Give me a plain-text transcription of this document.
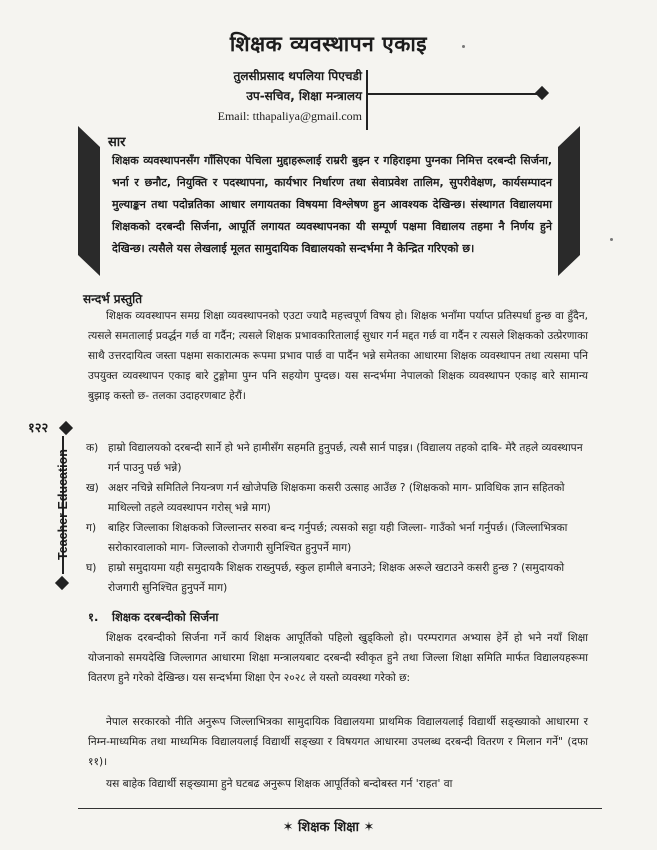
शिक्षक व्यवस्थापन एकाइ
तुलसीप्रसाद थपलिया पिएचडी
उप-सचिव, शिक्षा मन्त्रालय
Email: tthapaliya@gmail.com
सार
शिक्षक व्यवस्थापनसँग गाँसिएका पेचिला मुद्दाहरूलाई राम्ररी बुझ्न र गहिराइमा पुग्नका निमित्त दरबन्दी सिर्जना, भर्ना र छनौट, नियुक्ति र पदस्थापना, कार्यभार निर्धारण तथा सेवाप्रवेश तालिम, सुपरीवेक्षण, कार्यसम्पादन मुल्याङ्कन तथा पदोन्नतिका आधार लगायतका विषयमा विश्लेषण हुन आवश्यक देखिन्छ। संस्थागत विद्यालयमा शिक्षकको दरबन्दी सिर्जना, आपूर्ति लगायत व्यवस्थापनका यी सम्पूर्ण पक्षमा विद्यालय तहमा नै निर्णय हुने देखिन्छ। त्यसैले यस लेखलाई मूलत सामुदायिक विद्यालयको सन्दर्भमा नै केन्द्रित गरिएको छ।
सन्दर्भ प्रस्तुति

शिक्षक व्यवस्थापन समग्र शिक्षा व्यवस्थापनको एउटा ज्यादै महत्त्वपूर्ण विषय हो। शिक्षक भनाँमा पर्याप्त प्रतिस्पर्धा हुन्छ वा हुँदैन, त्यसले समतालाई प्रवर्द्धन गर्छ वा गर्दैन; त्यसले शिक्षक प्रभावकारितालाई सुधार गर्न मद्दत गर्छ वा गर्दैन र त्यसले शिक्षकको उत्प्रेरणाका साथै उत्तरदायित्व जस्ता पक्षमा सकारात्मक रूपमा प्रभाव पार्छ वा पार्दैन भन्ने समेतका आधारमा शिक्षक व्यवस्थापन तथा त्यसमा पनि उपयुक्त व्यवस्थापन एकाइ बारे टुङ्गोमा पुग्न पनि सहयोग पुग्दछ। यस सन्दर्भमा नेपालको शिक्षक व्यवस्थापन एकाइ बारे सामान्य बुझाइ कस्तो छ- तलका उदाहरणबाट हेरौं।

क) हाम्रो विद्यालयको दरबन्दी सार्ने हो भने हामीसँग सहमति हुनुपर्छ, त्यसै सार्न पाइन्न। (विद्यालय तहको दाबि- मेरै तहले व्यवस्थापन गर्न पाउनु पर्छ भन्ने)
ख) अक्षर नचिन्ने समितिले नियन्त्रण गर्न खोजेपछि शिक्षकमा कसरी उत्साह आउँछ ? (शिक्षकको माग- प्राविधिक ज्ञान सहितको माथिल्लो तहले व्यवस्थापन गरोस् भन्ने माग)
ग) बाहिर जिल्लाका शिक्षकको जिल्लान्तर सरुवा बन्द गर्नुपर्छ; त्यसको सट्टा यही जिल्ला- गाउँको भर्ना गर्नुपर्छ। (जिल्लाभित्रका सरोकारवालाको माग- जिल्लाको रोजगारी सुनिश्चित हुनुपर्ने माग)
घ) हाम्रो समुदायमा यही समुदायकै शिक्षक राख्नुपर्छ, स्कुल हामीले बनाउने; शिक्षक अरूले खटाउने कसरी हुन्छ ? (समुदायको रोजगारी सुनिश्चित हुनुपर्ने माग)
१. शिक्षक दरबन्दीको सिर्जना

शिक्षक दरबन्दीको सिर्जना गर्ने कार्य शिक्षक आपूर्तिको पहिलो खुड्किलो हो। परम्परागत अभ्यास हेर्ने हो भने नयाँ शिक्षा योजनाको समयदेखि जिल्लागत आधारमा शिक्षा मन्त्रालयबाट दरबन्दी स्वीकृत हुने तथा जिल्ला शिक्षा समिति मार्फत विद्यालयहरूमा वितरण हुने गरेको देखिन्छ। यस सन्दर्भमा शिक्षा ऐन २०२८ ले यस्तो व्यवस्था गरेको छ:

नेपाल सरकारको नीति अनुरूप जिल्लाभित्रका सामुदायिक विद्यालयमा प्राथमिक विद्यालयलाई विद्यार्थी सङ्ख्याको आधारमा र निम्न-माध्यमिक तथा माध्यमिक विद्यालयलाई विद्यार्थी सङ्ख्या र विषयगत आधारमा उपलब्ध दरबन्दी वितरण र मिलान गर्ने" (दफा ११)।

यस बाहेक विद्यार्थी सङ्ख्यामा हुने घटबढ अनुरूप शिक्षक आपूर्तिको बन्दोबस्त गर्न 'राहत' वा

✶ शिक्षक शिक्षा ✶
१२२
Teacher Education
